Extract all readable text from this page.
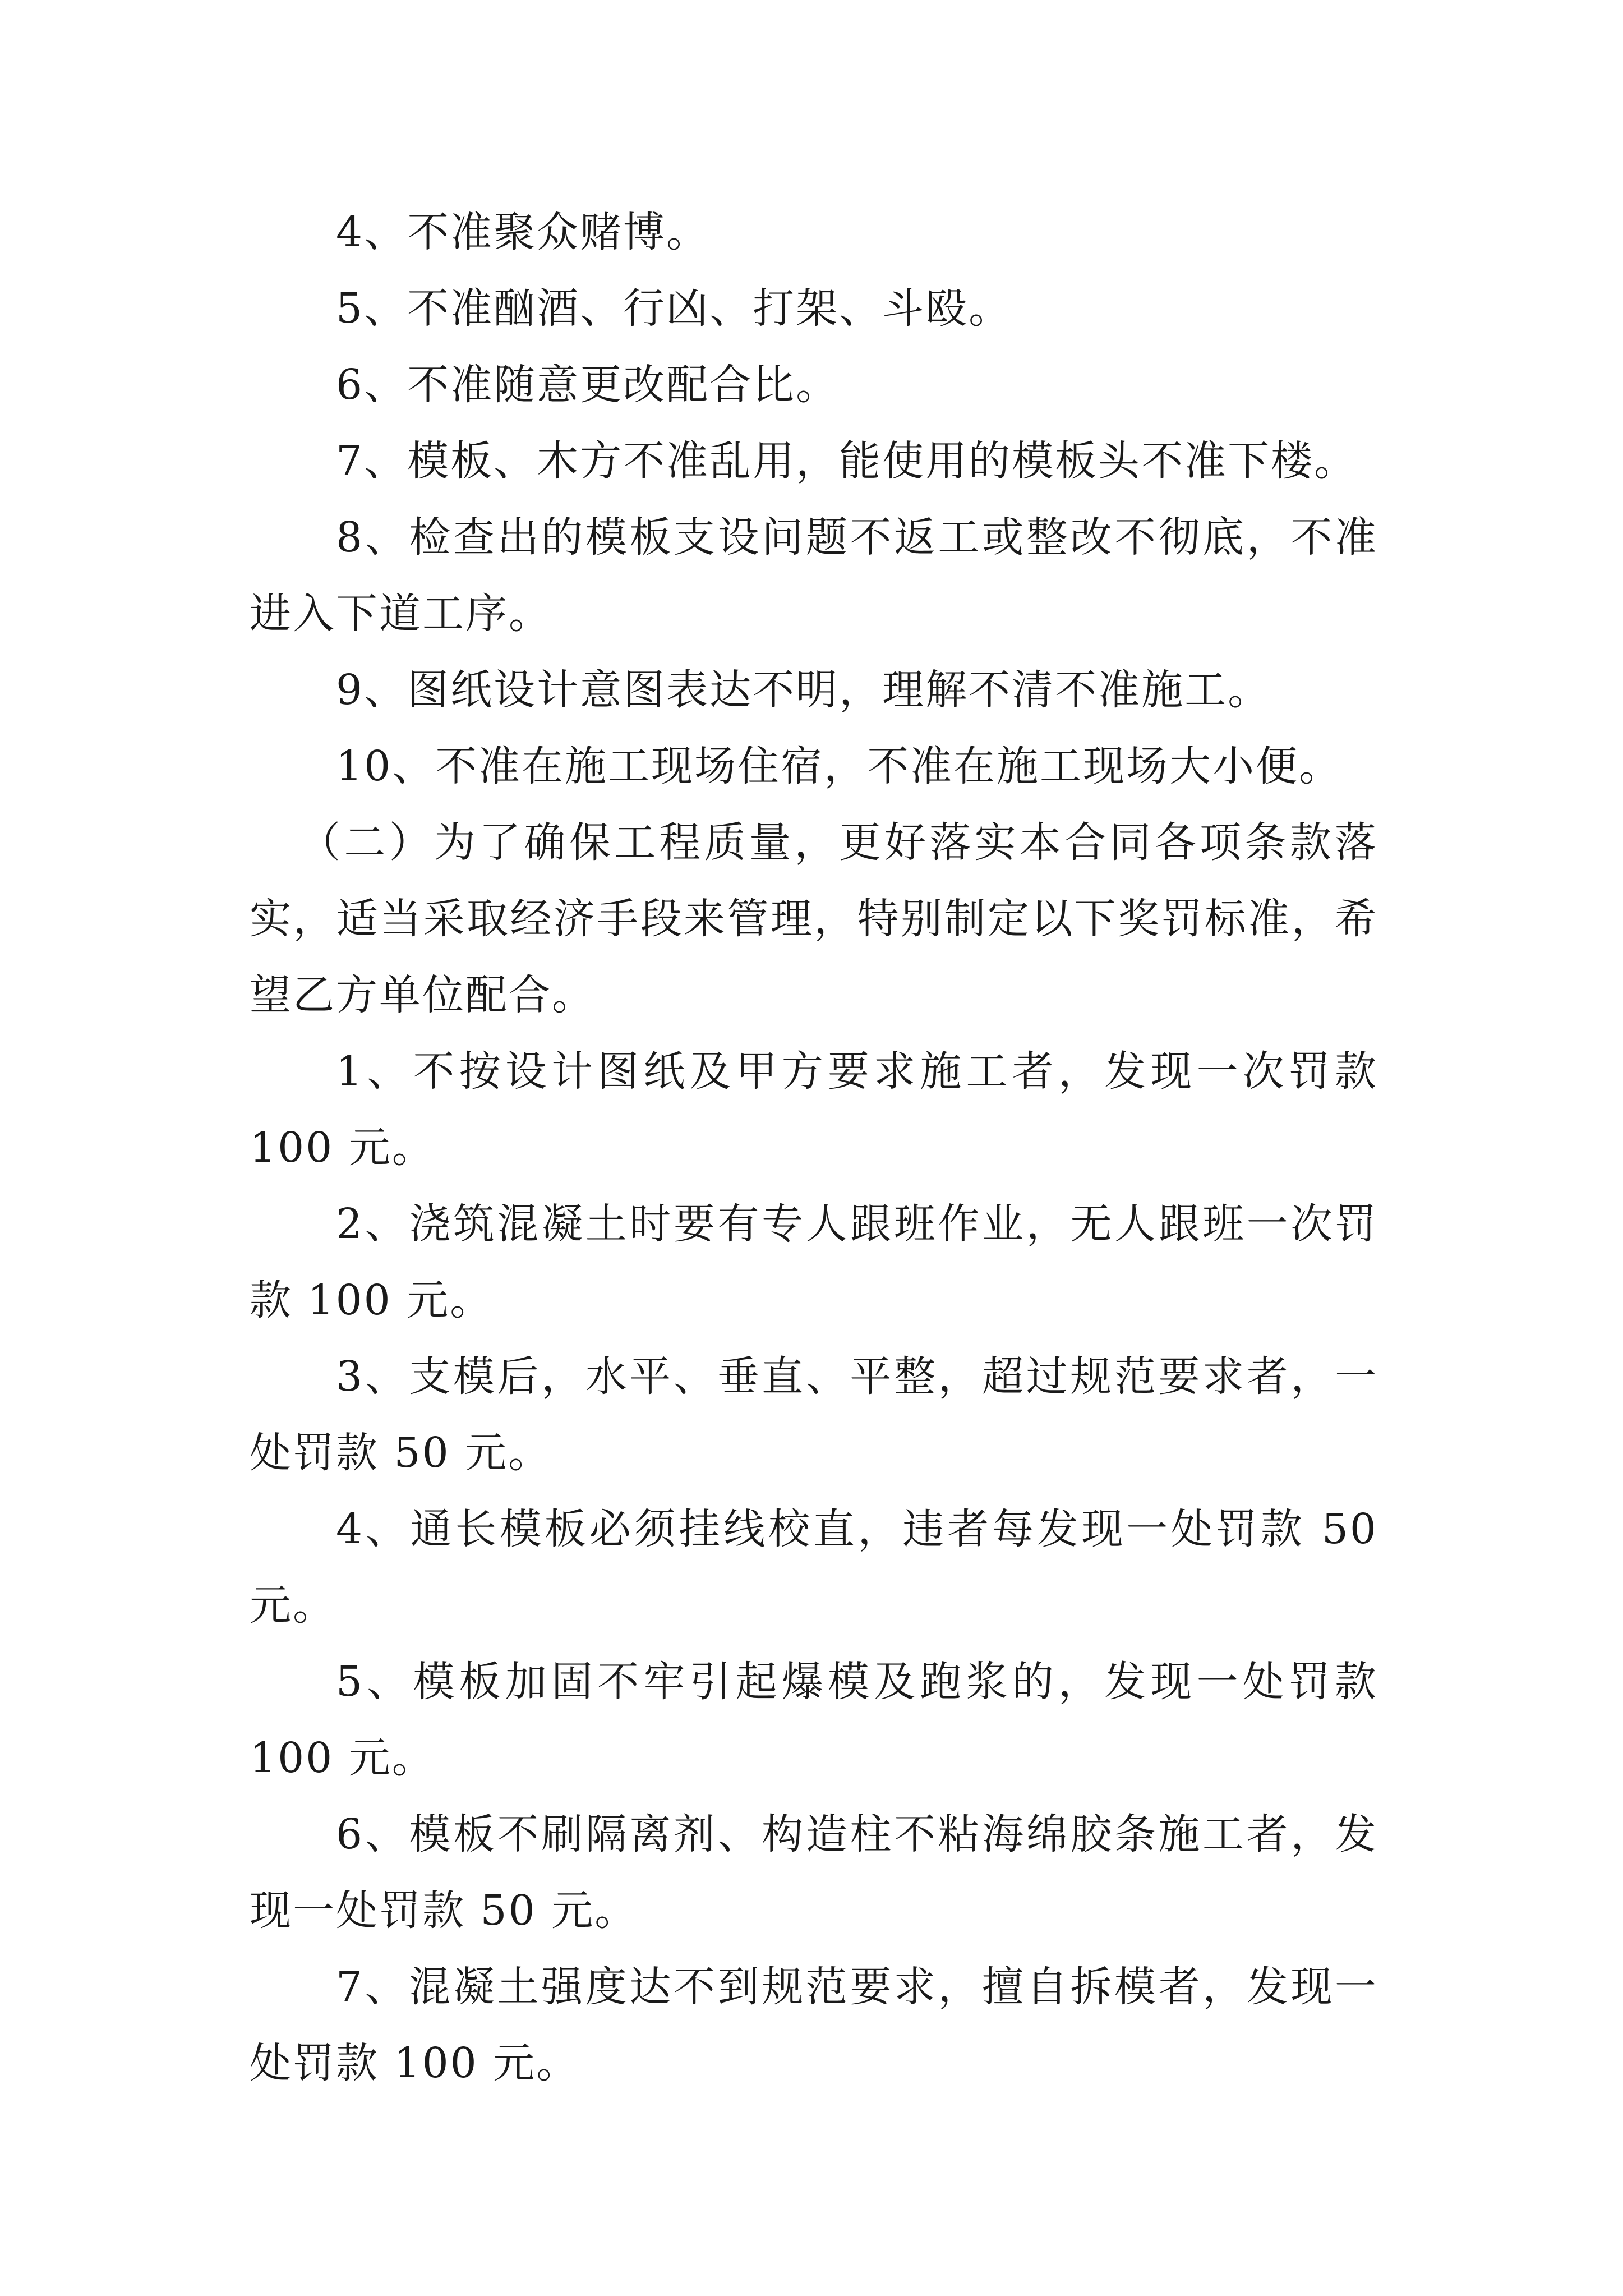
4、不准聚众赌博。

5、不准酗酒、行凶、打架、斗殴。

6、不准随意更改配合比。

7、模板、木方不准乱用，能使用的模板头不准下楼。

8、检查出的模板支设问题不返工或整改不彻底，不准进入下道工序。

9、图纸设计意图表达不明，理解不清不准施工。

10、不准在施工现场住宿，不准在施工现场大小便。

（二）为了确保工程质量，更好落实本合同各项条款落实，适当采取经济手段来管理，特别制定以下奖罚标准，希望乙方单位配合。

1、不按设计图纸及甲方要求施工者，发现一次罚款 100 元。

2、浇筑混凝土时要有专人跟班作业，无人跟班一次罚款 100 元。

3、支模后，水平、垂直、平整，超过规范要求者，一处罚款 50 元。

4、通长模板必须挂线校直，违者每发现一处罚款 50 元。

5、模板加固不牢引起爆模及跑浆的，发现一处罚款 100 元。

6、模板不刷隔离剂、构造柱不粘海绵胶条施工者，发现一处罚款 50 元。

7、混凝土强度达不到规范要求，擅自拆模者，发现一处罚款 100 元。
